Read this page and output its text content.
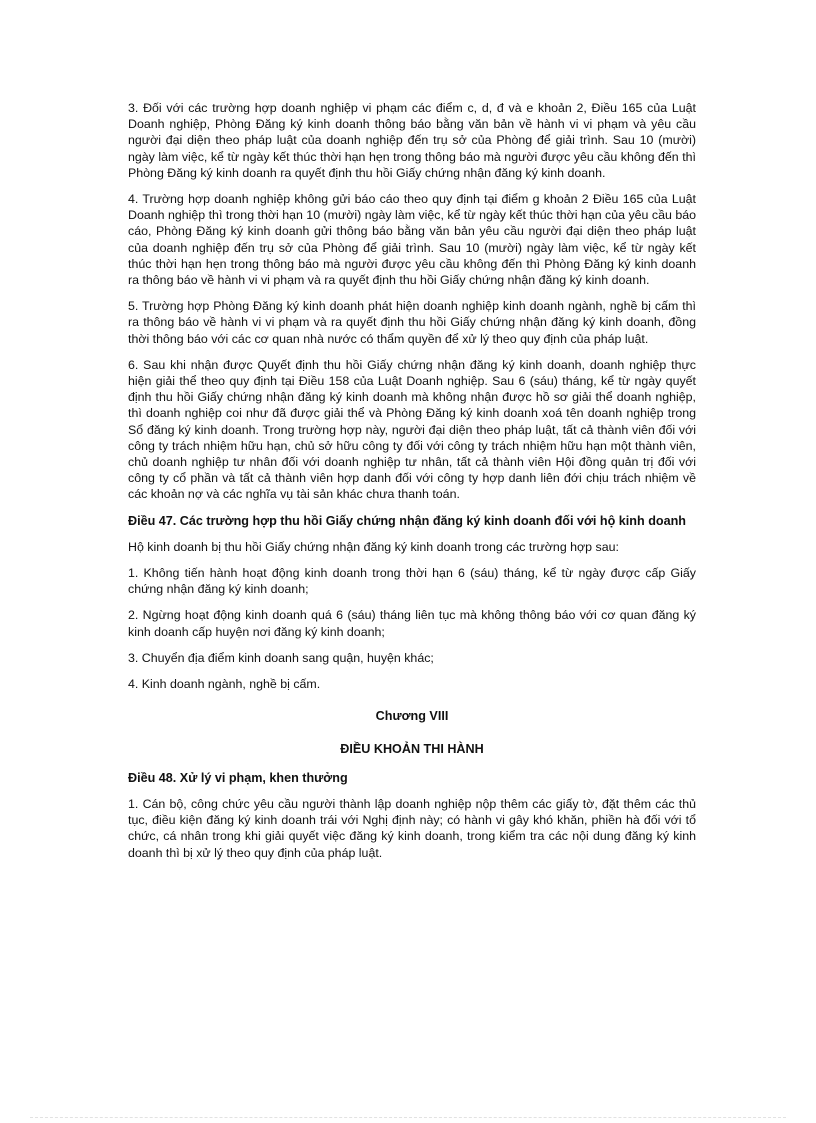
3. Đối với các trường hợp doanh nghiệp vi phạm các điểm c, d, đ và e khoản 2, Điều 165 của Luật Doanh nghiệp, Phòng Đăng ký kinh doanh thông báo bằng văn bản về hành vi vi phạm và yêu cầu người đại diện theo pháp luật của doanh nghiệp đến trụ sở của Phòng để giải trình. Sau 10 (mười) ngày làm việc, kể từ ngày kết thúc thời hạn hẹn trong thông báo mà người được yêu cầu không đến thì Phòng Đăng ký kinh doanh ra quyết định thu hồi Giấy chứng nhận đăng ký kinh doanh.

4. Trường hợp doanh nghiệp không gửi báo cáo theo quy định tại điểm g khoản 2 Điều 165 của Luật Doanh nghiệp thì trong thời hạn 10 (mười) ngày làm việc, kể từ ngày kết thúc thời hạn của yêu cầu báo cáo, Phòng Đăng ký kinh doanh gửi thông báo bằng văn bản yêu cầu người đại diện theo pháp luật của doanh nghiệp đến trụ sở của Phòng để giải trình. Sau 10 (mười) ngày làm việc, kể từ ngày kết thúc thời hạn hẹn trong thông báo mà người được yêu cầu không đến thì Phòng Đăng ký kinh doanh ra thông báo về hành vi vi phạm và ra quyết định thu hồi Giấy chứng nhận đăng ký kinh doanh.

5. Trường hợp Phòng Đăng ký kinh doanh phát hiện doanh nghiệp kinh doanh ngành, nghề bị cấm thì ra thông báo về hành vi vi phạm và ra quyết định thu hồi Giấy chứng nhận đăng ký kinh doanh, đồng thời thông báo với các cơ quan nhà nước có thẩm quyền để xử lý theo quy định của pháp luật.

6. Sau khi nhận được Quyết định thu hồi Giấy chứng nhận đăng ký kinh doanh, doanh nghiệp thực hiện giải thể theo quy định tại Điều 158 của Luật Doanh nghiệp. Sau 6 (sáu) tháng, kể từ ngày quyết định thu hồi Giấy chứng nhận đăng ký kinh doanh mà không nhận được hồ sơ giải thể doanh nghiệp, thì doanh nghiệp coi như đã được giải thể và Phòng Đăng ký kinh doanh xoá tên doanh nghiệp trong Sổ đăng ký kinh doanh. Trong trường hợp này, người đại diện theo pháp luật, tất cả thành viên đối với công ty trách nhiệm hữu hạn, chủ sở hữu công ty đối với công ty trách nhiệm hữu hạn một thành viên, chủ doanh nghiệp tư nhân đối với doanh nghiệp tư nhân, tất cả thành viên Hội đồng quản trị đối với công ty cổ phần và tất cả thành viên hợp danh đối với công ty hợp danh liên đới chịu trách nhiệm về các khoản nợ và các nghĩa vụ tài sản khác chưa thanh toán.

Điều 47. Các trường hợp thu hồi Giấy chứng nhận đăng ký kinh doanh đối với hộ kinh doanh

Hộ kinh doanh bị thu hồi Giấy chứng nhận đăng ký kinh doanh trong các trường hợp sau:

1. Không tiến hành hoạt động kinh doanh trong thời hạn 6 (sáu) tháng, kể từ ngày được cấp Giấy chứng nhận đăng ký kinh doanh;

2. Ngừng hoạt động kinh doanh quá 6 (sáu) tháng liên tục mà không thông báo với cơ quan đăng ký kinh doanh cấp huyện nơi đăng ký kinh doanh;

3. Chuyển địa điểm kinh doanh sang quận, huyện khác;

4. Kinh doanh ngành, nghề bị cấm.

Chương VIII

ĐIỀU KHOẢN THI HÀNH

Điều 48. Xử lý vi phạm, khen thưởng

1. Cán bộ, công chức yêu cầu người thành lập doanh nghiệp nộp thêm các giấy tờ, đặt thêm các thủ tục, điều kiện đăng ký kinh doanh trái với Nghị định này; có hành vi gây khó khăn, phiền hà đối với tổ chức, cá nhân trong khi giải quyết việc đăng ký kinh doanh, trong kiểm tra các nội dung đăng ký kinh doanh thì bị xử lý theo quy định của pháp luật.
